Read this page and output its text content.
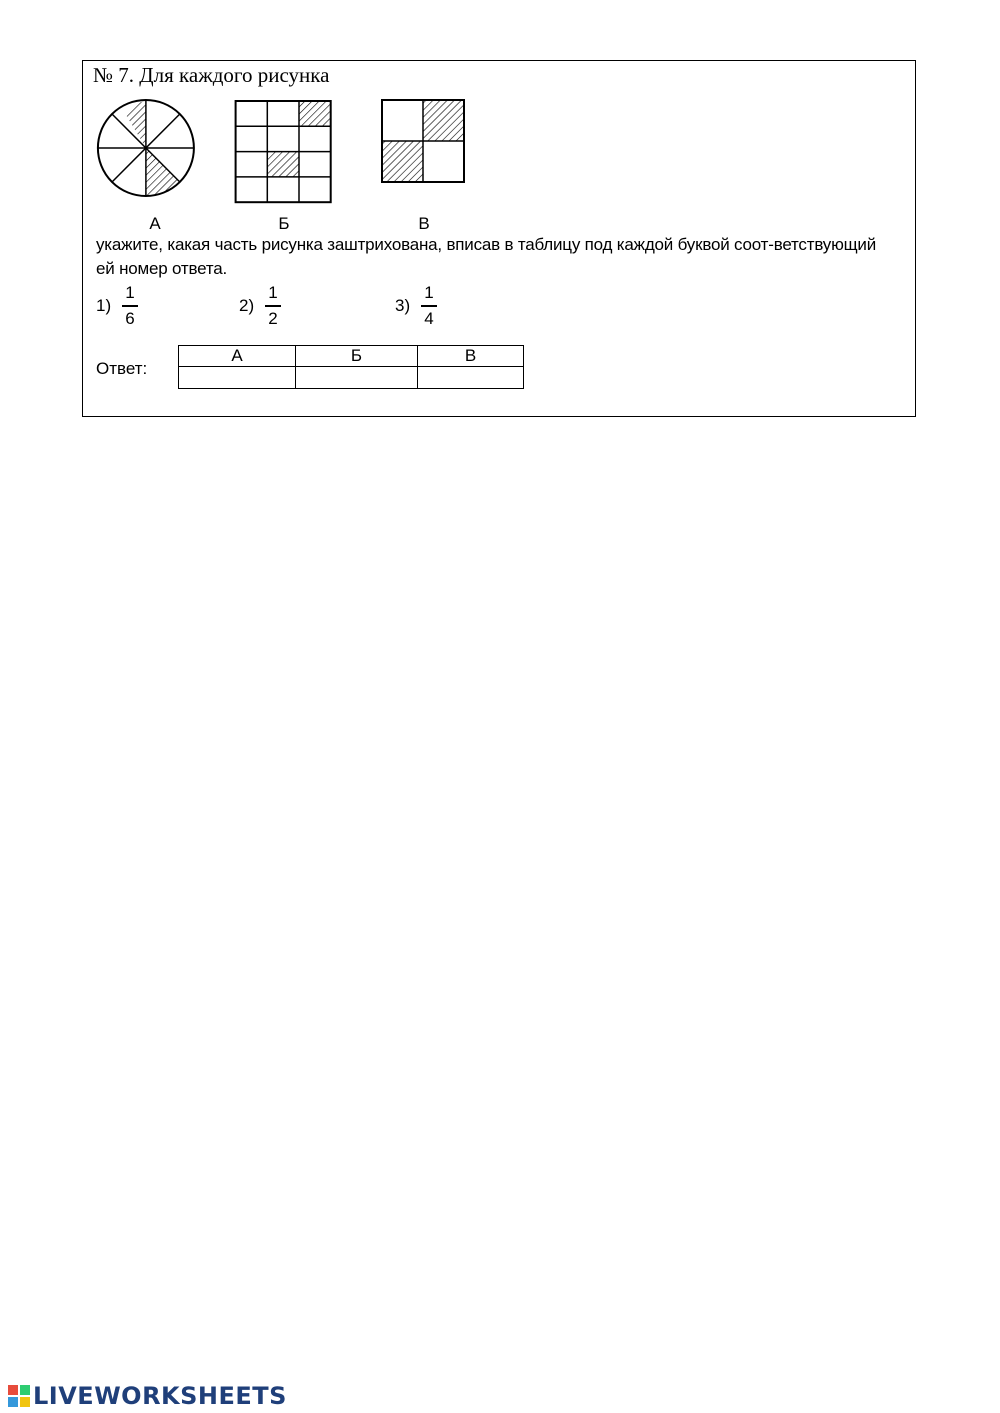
№ 7. Для каждого рисунка
А	Б	В
укажите, какая часть рисунка заштрихована, вписав в таблицу под каждой буквой соот-ветствующий ей номер ответа.
1)
1
6
2)
1
2
3)
1
4
Ответ:
А	Б	В

LIVEWORKSHEETS
